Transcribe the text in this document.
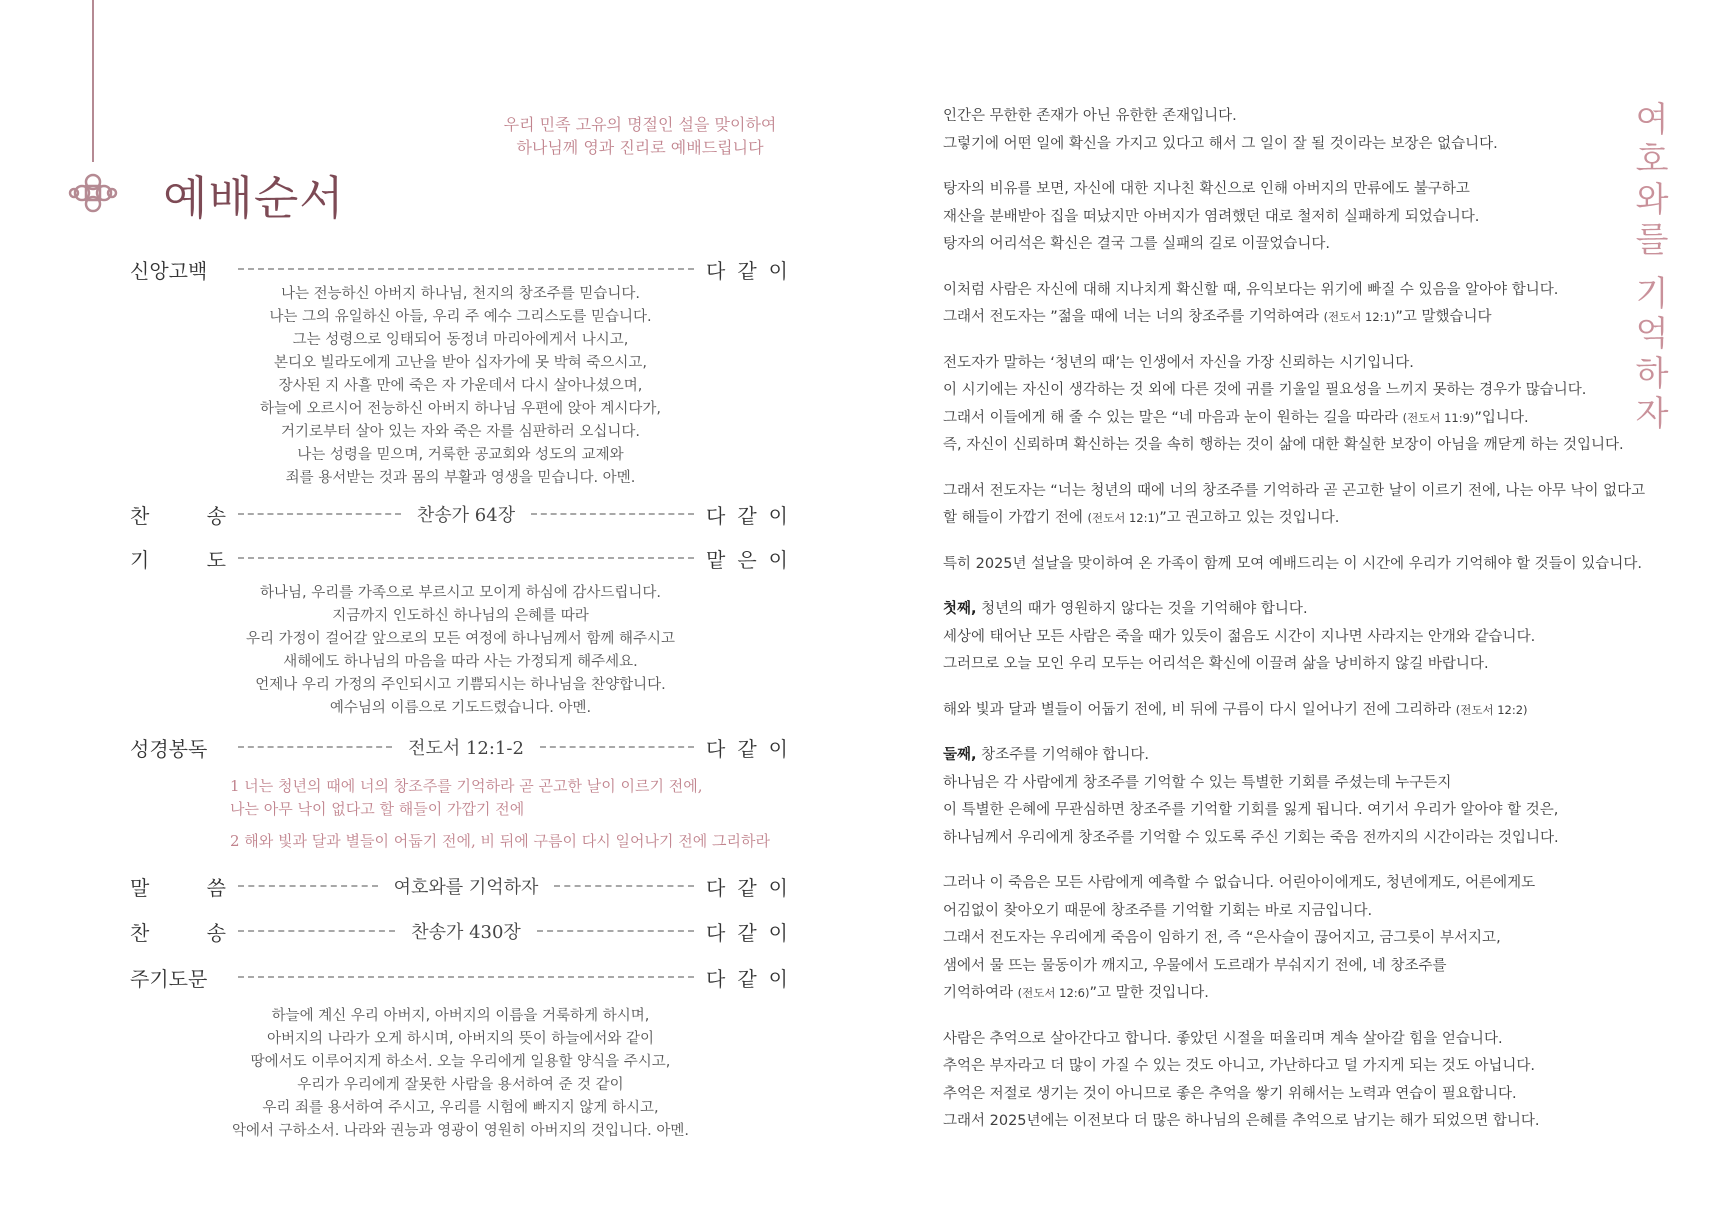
예배순서
우리 민족 고유의 명절인 설을 맞이하여
하나님께 영과 진리로 예배드립니다
신앙고백	다 같 이
나는 전능하신 아버지 하나님, 천지의 창조주를 믿습니다.
나는 그의 유일하신 아들, 우리 주 예수 그리스도를 믿습니다.
그는 성령으로 잉태되어 동정녀 마리아에게서 나시고,
본디오 빌라도에게 고난을 받아 십자가에 못 박혀 죽으시고,
장사된 지 사흘 만에 죽은 자 가운데서 다시 살아나셨으며,
하늘에 오르시어 전능하신 아버지 하나님 우편에 앉아 계시다가,
거기로부터 살아 있는 자와 죽은 자를 심판하러 오십니다.
나는 성령을 믿으며, 거룩한 공교회와 성도의 교제와
죄를 용서받는 것과 몸의 부활과 영생을 믿습니다. 아멘.
찬	송	찬송가 64장	다 같 이
기	도	맡 은 이
하나님, 우리를 가족으로 부르시고 모이게 하심에 감사드립니다.
지금까지 인도하신 하나님의 은혜를 따라
우리 가정이 걸어갈 앞으로의 모든 여정에 하나님께서 함께 해주시고
새해에도 하나님의 마음을 따라 사는 가정되게 해주세요.
언제나 우리 가정의 주인되시고 기쁨되시는 하나님을 찬양합니다.
예수님의 이름으로 기도드렸습니다. 아멘.
성경봉독	전도서 12:1-2	다 같 이
1 너는 청년의 때에 너의 창조주를 기억하라 곧 곤고한 날이 이르기 전에,
나는 아무 낙이 없다고 할 해들이 가깝기 전에
2 해와 빛과 달과 별들이 어둡기 전에, 비 뒤에 구름이 다시 일어나기 전에 그리하라
말	씀	여호와를 기억하자	다 같 이
찬	송	찬송가 430장	다 같 이
주기도문	다 같 이
하늘에 계신 우리 아버지, 아버지의 이름을 거룩하게 하시며,
아버지의 나라가 오게 하시며, 아버지의 뜻이 하늘에서와 같이
땅에서도 이루어지게 하소서. 오늘 우리에게 일용할 양식을 주시고,
우리가 우리에게 잘못한 사람을 용서하여 준 것 같이
우리 죄를 용서하여 주시고, 우리를 시험에 빠지지 않게 하시고,
악에서 구하소서. 나라와 권능과 영광이 영원히 아버지의 것입니다. 아멘.
인간은 무한한 존재가 아닌 유한한 존재입니다.
그렇기에 어떤 일에 확신을 가지고 있다고 해서 그 일이 잘 될 것이라는 보장은 없습니다.
탕자의 비유를 보면, 자신에 대한 지나친 확신으로 인해 아버지의 만류에도 불구하고
재산을 분배받아 집을 떠났지만 아버지가 염려했던 대로 철저히 실패하게 되었습니다.
탕자의 어리석은 확신은 결국 그를 실패의 길로 이끌었습니다.
이처럼 사람은 자신에 대해 지나치게 확신할 때, 유익보다는 위기에 빠질 수 있음을 알아야 합니다.
그래서 전도자는 ”젊을 때에 너는 너의 창조주를 기억하여라 (전도서 12:1)”고 말했습니다
전도자가 말하는 ‘청년의 때’는 인생에서 자신을 가장 신뢰하는 시기입니다.
이 시기에는 자신이 생각하는 것 외에 다른 것에 귀를 기울일 필요성을 느끼지 못하는 경우가 많습니다.
그래서 이들에게 해 줄 수 있는 말은 “네 마음과 눈이 원하는 길을 따라라 (전도서 11:9)”입니다.
즉, 자신이 신뢰하며 확신하는 것을 속히 행하는 것이 삶에 대한 확실한 보장이 아님을 깨닫게 하는 것입니다.
그래서 전도자는 “너는 청년의 때에 너의 창조주를 기억하라 곧 곤고한 날이 이르기 전에, 나는 아무 낙이 없다고
할 해들이 가깝기 전에 (전도서 12:1)”고 권고하고 있는 것입니다.
특히 2025년 설날을 맞이하여 온 가족이 함께 모여 예배드리는 이 시간에 우리가 기억해야 할 것들이 있습니다.
첫째, 청년의 때가 영원하지 않다는 것을 기억해야 합니다.
세상에 태어난 모든 사람은 죽을 때가 있듯이 젊음도 시간이 지나면 사라지는 안개와 같습니다.
그러므로 오늘 모인 우리 모두는 어리석은 확신에 이끌려 삶을 낭비하지 않길 바랍니다.
해와 빛과 달과 별들이 어둡기 전에, 비 뒤에 구름이 다시 일어나기 전에 그리하라 (전도서 12:2)
둘째, 창조주를 기억해야 합니다.
하나님은 각 사람에게 창조주를 기억할 수 있는 특별한 기회를 주셨는데 누구든지
이 특별한 은혜에 무관심하면 창조주를 기억할 기회를 잃게 됩니다. 여기서 우리가 알아야 할 것은,
하나님께서 우리에게 창조주를 기억할 수 있도록 주신 기회는 죽음 전까지의 시간이라는 것입니다.
그러나 이 죽음은 모든 사람에게 예측할 수 없습니다. 어린아이에게도, 청년에게도, 어른에게도
어김없이 찾아오기 때문에 창조주를 기억할 기회는 바로 지금입니다.
그래서 전도자는 우리에게 죽음이 임하기 전, 즉 “은사슬이 끊어지고, 금그릇이 부서지고,
샘에서 물 뜨는 물동이가 깨지고, 우물에서 도르래가 부숴지기 전에, 네 창조주를
기억하여라 (전도서 12:6)”고 말한 것입니다.
사람은 추억으로 살아간다고 합니다. 좋았던 시절을 떠올리며 계속 살아갈 힘을 얻습니다.
추억은 부자라고 더 많이 가질 수 있는 것도 아니고, 가난하다고 덜 가지게 되는 것도 아닙니다.
추억은 저절로 생기는 것이 아니므로 좋은 추억을 쌓기 위해서는 노력과 연습이 필요합니다.
그래서 2025년에는 이전보다 더 많은 하나님의 은혜를 추억으로 남기는 해가 되었으면 합니다.
여
호
와
를
기
억
하
자
